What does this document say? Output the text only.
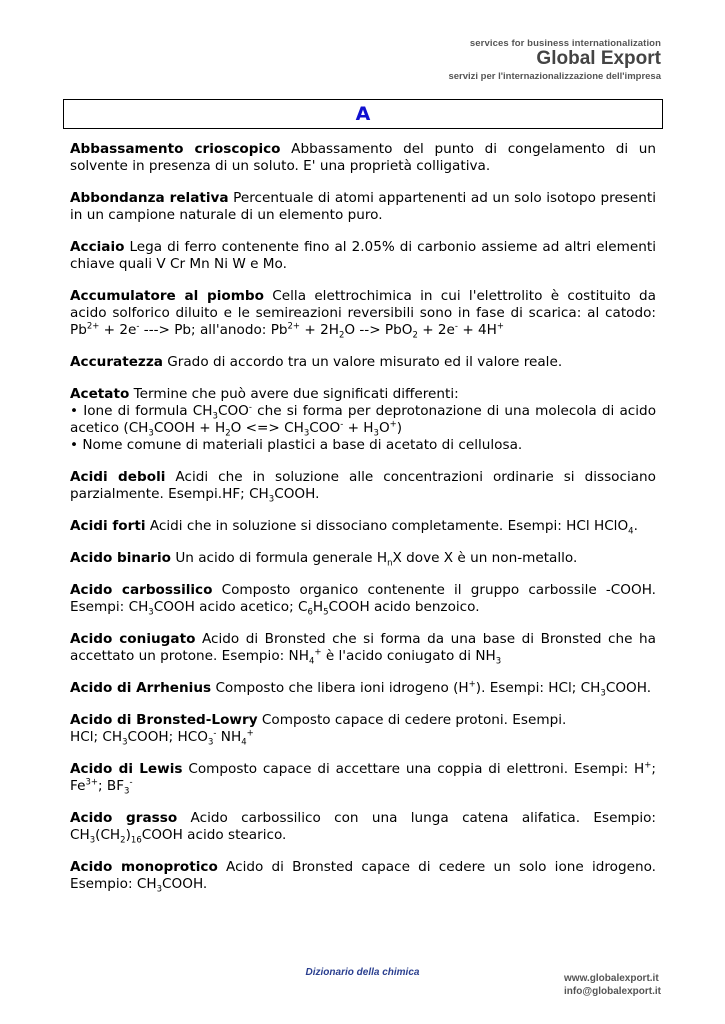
services for business internationalization
Global Export
servizi per l'internazionalizzazione dell'impresa
A
Abbassamento crioscopico Abbassamento del punto di congelamento di un solvente in presenza di un soluto. E' una proprietà colligativa.
Abbondanza relativa Percentuale di atomi appartenenti ad un solo isotopo presenti in un campione naturale di un elemento puro.
Acciaio Lega di ferro contenente fino al 2.05% di carbonio assieme ad altri elementi chiave quali V Cr Mn Ni W e Mo.
Accumulatore al piombo Cella elettrochimica in cui l'elettrolito è costituito da acido solforico diluito e le semireazioni reversibili sono in fase di scarica: al catodo: $Pb^{2+} + 2e^-$ ---> Pb; all'anodo: $Pb^{2+} + 2H_2O$ --> PbO$_2$ + 2e- + 4H+
Accuratezza Grado di accordo tra un valore misurato ed il valore reale.

Acetato Termine che può avere due significati differenti:

• Ione di formula $CH_3COO^-$ che si forma per deprotonazione di una molecola di acido acetico ($CH_3COOH + H_2O$ <=> $CH_3COO^- + H_3O^+$)

• Nome comune di materiali plastici a base di acetato di cellulosa.

Acidi deboli Acidi che in soluzione alle concentrazioni ordinarie si dissociano parzialmente. Esempi.HF; $CH_3COOH$.
Acidi forti Acidi che in soluzione si dissociano completamente. Esempi: HCl HClO$_4$.
Acido binario Un acido di formula generale $H_nX$ dove X è un non-metallo.
Acido carbossilico Composto organico contenente il gruppo carbossile -COOH. Esempi: $CH_3COOH$ acido acetico; $C_6H_5COOH$ acido benzoico.
Acido coniugato Acido di Bronsted che si forma da una base di Bronsted che ha accettato un protone. Esempio: $NH_4^+$ è l'acido coniugato di $NH_3$
Acido di Arrhenius Composto che libera ioni idrogeno (H+). Esempi: HCl; $CH_3COOH$.

Acido di Bronsted-Lowry Composto capace di cedere protoni. Esempi.

HCl; $CH_3COOH$; $HCO_3^-$ $NH_4^+$

Acido di Lewis Composto capace di accettare una coppia di elettroni. Esempi: H+; $Fe^{3+}$; $BF_3^-$
Acido grasso Acido carbossilico con una lunga catena alifatica. Esempio: $CH_3(CH_2)_{16}COOH$ acido stearico.
Acido monoprotico Acido di Bronsted capace di cedere un solo ione idrogeno. Esempio: $CH_3COOH$.
Dizionario della chimica
www.globalexport.it
info@globalexport.it
